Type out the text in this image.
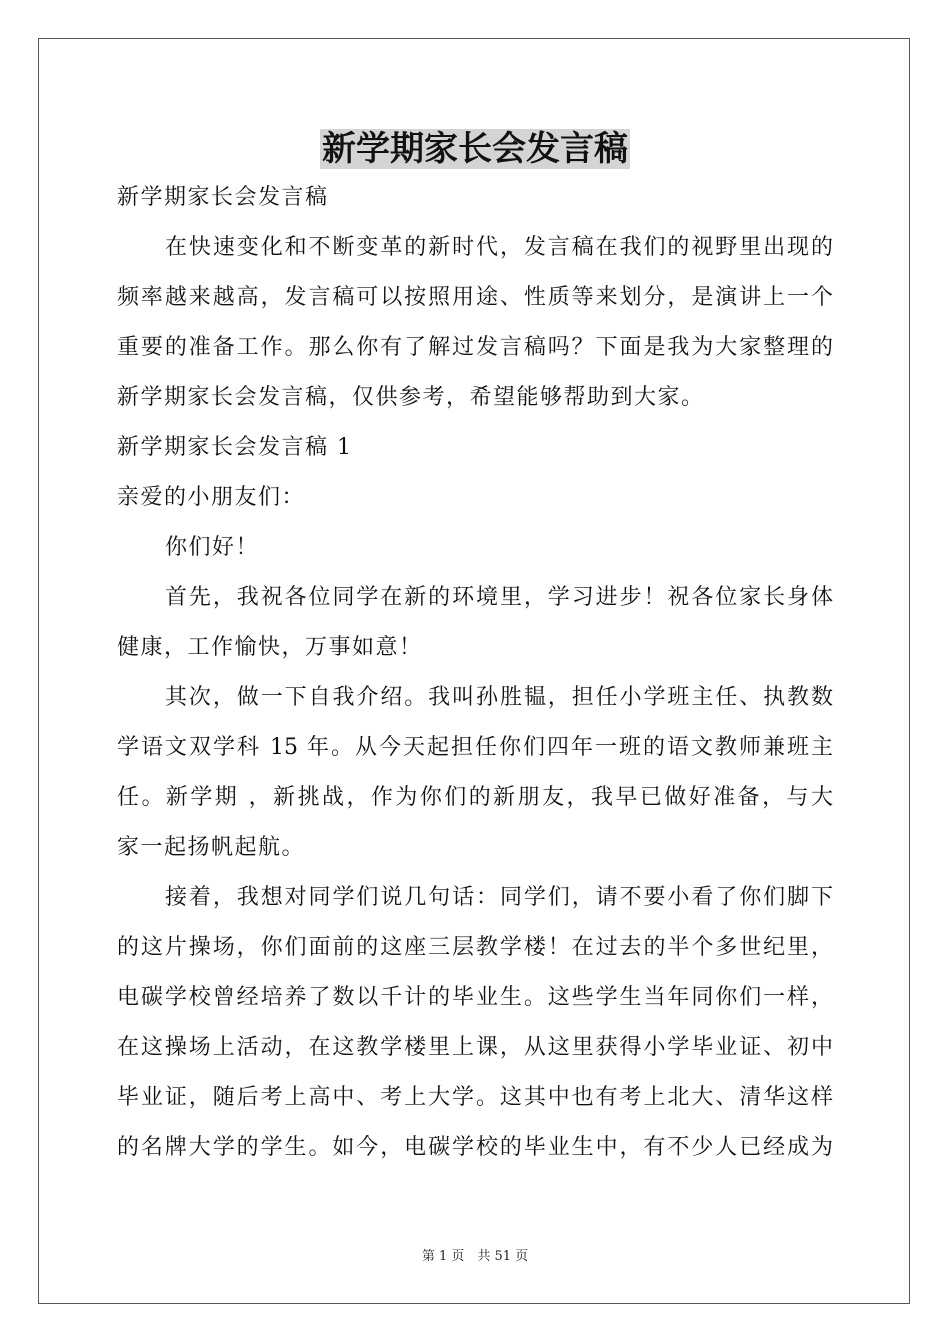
新学期家长会发言稿

新学期家长会发言稿

在快速变化和不断变革的新时代，发言稿在我们的视野里出现的

频率越来越高，发言稿可以按照用途、性质等来划分，是演讲上一个

重要的准备工作。那么你有了解过发言稿吗？下面是我为大家整理的

新学期家长会发言稿，仅供参考，希望能够帮助到大家。

新学期家长会发言稿 1

亲爱的小朋友们：

你们好！

首先，我祝各位同学在新的环境里，学习进步！祝各位家长身体

健康，工作愉快，万事如意！

其次，做一下自我介绍。我叫孙胜韫，担任小学班主任、执教数

学语文双学科 15 年。从今天起担任你们四年一班的语文教师兼班主

任。新学期 ，新挑战，作为你们的新朋友，我早已做好准备，与大

家一起扬帆起航。

接着，我想对同学们说几句话：同学们，请不要小看了你们脚下

的这片操场，你们面前的这座三层教学楼！在过去的半个多世纪里，

电碳学校曾经培养了数以千计的毕业生。这些学生当年同你们一样，

在这操场上活动，在这教学楼里上课，从这里获得小学毕业证、初中

毕业证，随后考上高中、考上大学。这其中也有考上北大、清华这样

的名牌大学的学生。如今，电碳学校的毕业生中，有不少人已经成为

第 1 页　共 51 页
